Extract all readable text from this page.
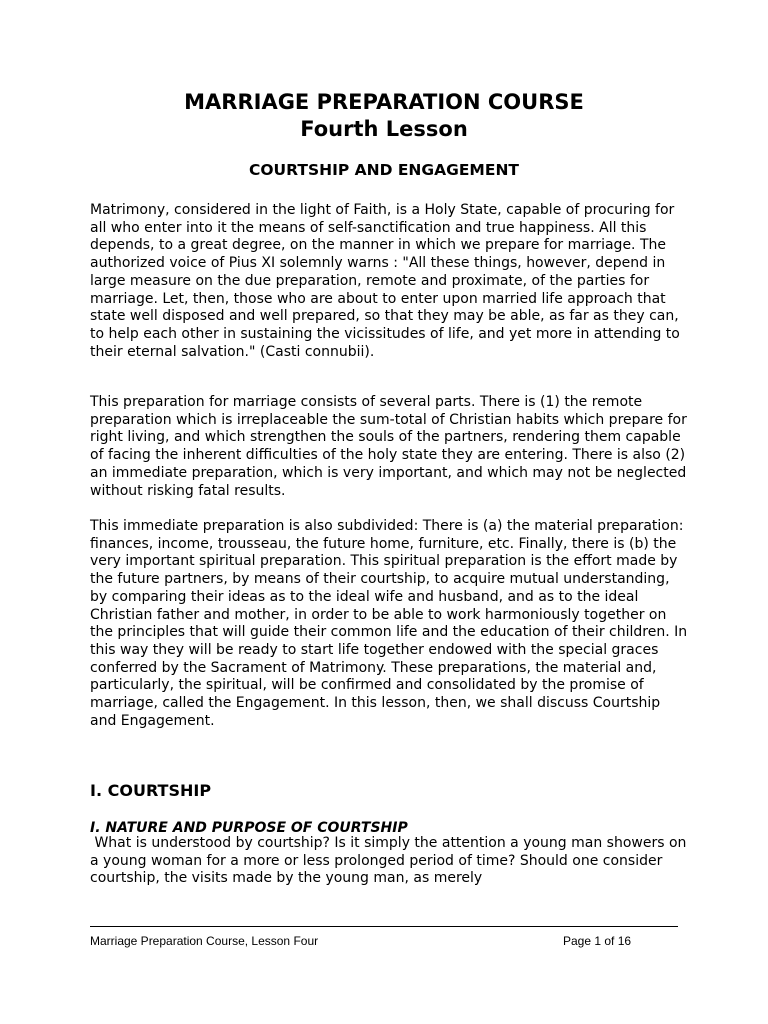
MARRIAGE PREPARATION COURSE
Fourth Lesson
COURTSHIP AND ENGAGEMENT

Matrimony, considered in the light of Faith, is a Holy State, capable of procuring for all who enter into it the means of self-sanctification and true happiness. All this depends, to a great degree, on the manner in which we prepare for marriage. The authorized voice of Pius XI solemnly warns : "All these things, however, depend in large measure on the due preparation, remote and proximate, of the parties for marriage. Let, then, those who are about to enter upon married life approach that state well disposed and well prepared, so that they may be able, as far as they can, to help each other in sustaining the vicissitudes of life, and yet more in attending to their eternal salvation." (Casti connubii).

This preparation for marriage consists of several parts. There is (1) the remote preparation which is irreplaceable the sum-total of Christian habits which prepare for right living, and which strengthen the souls of the partners, rendering them capable of facing the inherent difficulties of the holy state they are entering. There is also (2) an immediate preparation, which is very important, and which may not be neglected without risking fatal results.

This immediate preparation is also subdivided: There is (a) the material preparation: finances, income, trousseau, the future home, furniture, etc. Finally, there is (b) the very important spiritual preparation. This spiritual preparation is the effort made by the future partners, by means of their courtship, to acquire mutual understanding, by comparing their ideas as to the ideal wife and husband, and as to the ideal Christian father and mother, in order to be able to work harmoniously together on the principles that will guide their common life and the education of their children. In this way they will be ready to start life together endowed with the special graces conferred by the Sacrament of Matrimony. These preparations, the material and, particularly, the spiritual, will be confirmed and consolidated by the promise of marriage, called the Engagement. In this lesson, then, we shall discuss Courtship and Engagement.

I. COURTSHIP
I. NATURE AND PURPOSE OF COURTSHIP

What is understood by courtship? Is it simply the attention a young man showers on a young woman for a more or less prolonged period of time? Should one consider courtship, the visits made by the young man, as merely

Marriage Preparation Course, Lesson Four	Page 1 of 16
